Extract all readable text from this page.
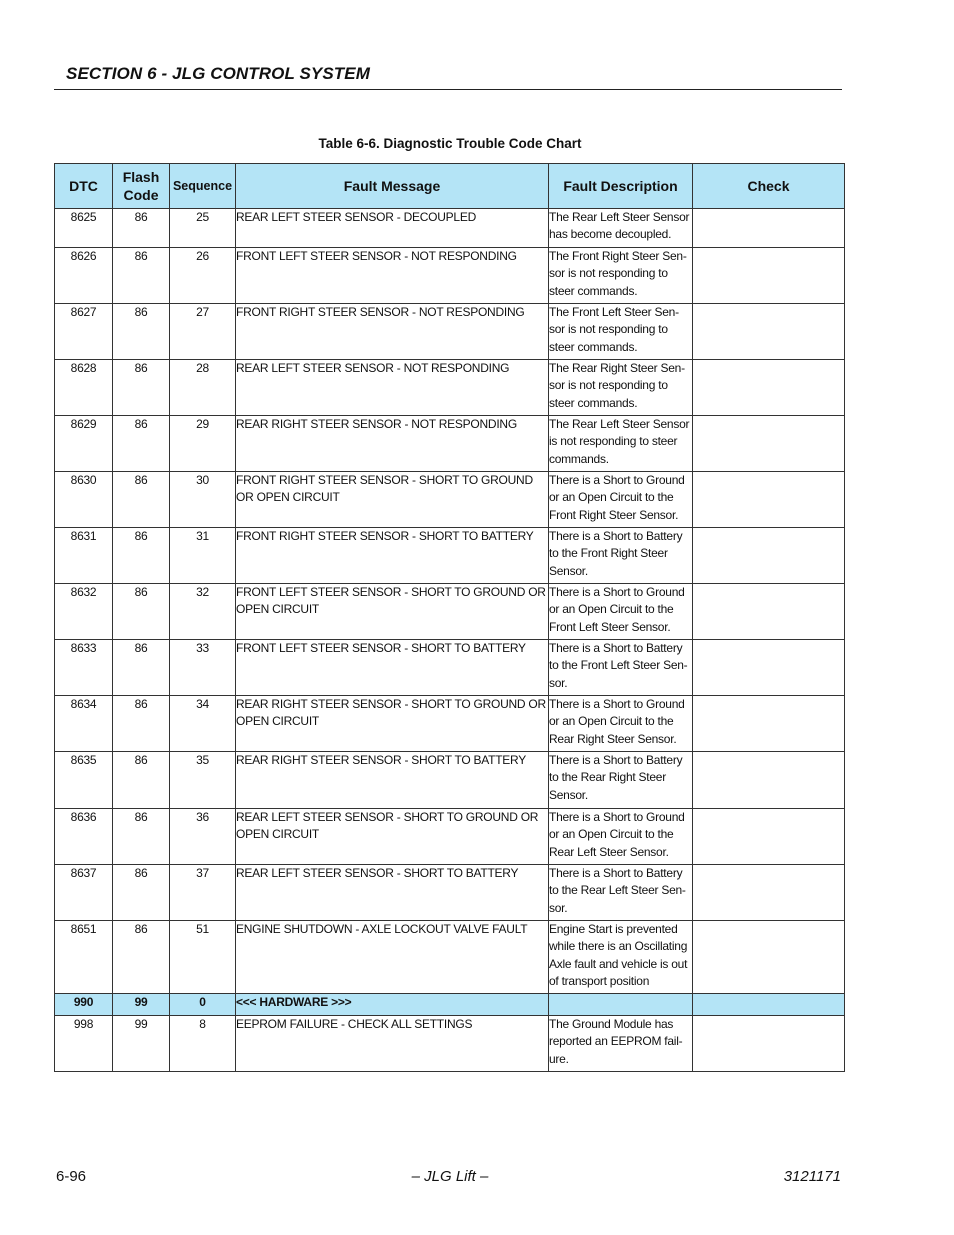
SECTION 6 - JLG CONTROL SYSTEM
Table 6-6. Diagnostic Trouble Code Chart
DTC	Flash Code	Sequence	Fault Message	Fault Description	Check
8625	86	25	REAR LEFT STEER SENSOR - DECOUPLED	The Rear Left Steer Sensor has become decoupled.	
8626	86	26	FRONT LEFT STEER SENSOR - NOT RESPONDING	The Front Right Steer Sen-sor is not responding to steer commands.	
8627	86	27	FRONT RIGHT STEER SENSOR - NOT RESPONDING	The Front Left Steer Sen-sor is not responding to steer commands.	
8628	86	28	REAR LEFT STEER SENSOR - NOT RESPONDING	The Rear Right Steer Sen-sor is not responding to steer commands.	
8629	86	29	REAR RIGHT STEER SENSOR - NOT RESPONDING	The Rear Left Steer Sensor is not responding to steer commands.	
8630	86	30	FRONT RIGHT STEER SENSOR - SHORT TO GROUND OR OPEN CIRCUIT	There is a Short to Ground or an Open Circuit to the Front Right Steer Sensor.	
8631	86	31	FRONT RIGHT STEER SENSOR - SHORT TO BATTERY	There is a Short to Battery to the Front Right Steer Sensor.	
8632	86	32	FRONT LEFT STEER SENSOR - SHORT TO GROUND OR OPEN CIRCUIT	There is a Short to Ground or an Open Circuit to the Front Left Steer Sensor.	
8633	86	33	FRONT LEFT STEER SENSOR - SHORT TO BATTERY	There is a Short to Battery to the Front Left Steer Sen-sor.	
8634	86	34	REAR RIGHT STEER SENSOR - SHORT TO GROUND OR OPEN CIRCUIT	There is a Short to Ground or an Open Circuit to the Rear Right Steer Sensor.	
8635	86	35	REAR RIGHT STEER SENSOR - SHORT TO BATTERY	There is a Short to Battery to the Rear Right Steer Sensor.	
8636	86	36	REAR LEFT STEER SENSOR - SHORT TO GROUND OR OPEN CIRCUIT	There is a Short to Ground or an Open Circuit to the Rear Left Steer Sensor.	
8637	86	37	REAR LEFT STEER SENSOR - SHORT TO BATTERY	There is a Short to Battery to the Rear Left Steer Sen-sor.	
8651	86	51	ENGINE SHUTDOWN - AXLE LOCKOUT VALVE FAULT	Engine Start is prevented while there is an Oscillating Axle fault and vehicle is out of transport position	
990	99	0	<<< HARDWARE >>>		
998	99	8	EEPROM FAILURE - CHECK ALL SETTINGS	The Ground Module has reported an EEPROM fail-ure.	
6-96	– JLG Lift –	3121171
